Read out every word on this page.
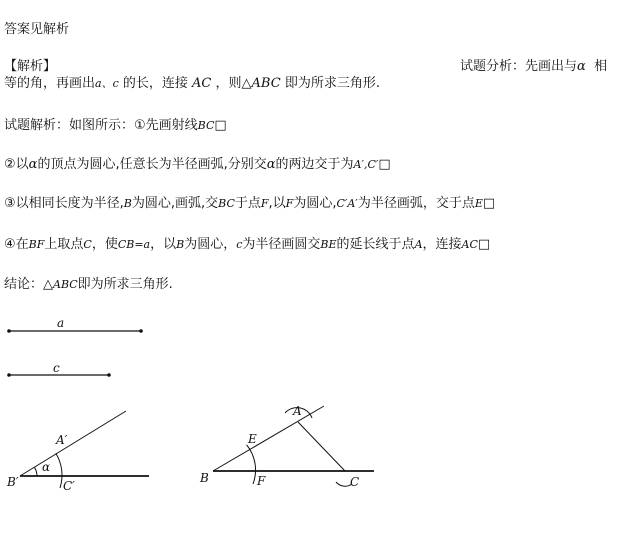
答案见解析
【解析】	试题分析：先画出与α 相
等的角，再画出a、c 的长，连接 AC ，则△ABC 即为所求三角形.
试题解析：如图所示：①先画射线BC□
②以α的顶点为圆心,任意长为半径画弧,分别交α的两边交于为A′,C′□
③以相同长度为半径,B为圆心,画弧,交BC于点F,以F为圆心,C′A′为半径画弧，交于点E□
④在BF上取点C，使CB=a，以B为圆心，c为半径画圆交BE的延长线于点A，连接AC□
结论：△ABC即为所求三角形.
a
c
B′
A′
C′
α
B
A
C
E
F
